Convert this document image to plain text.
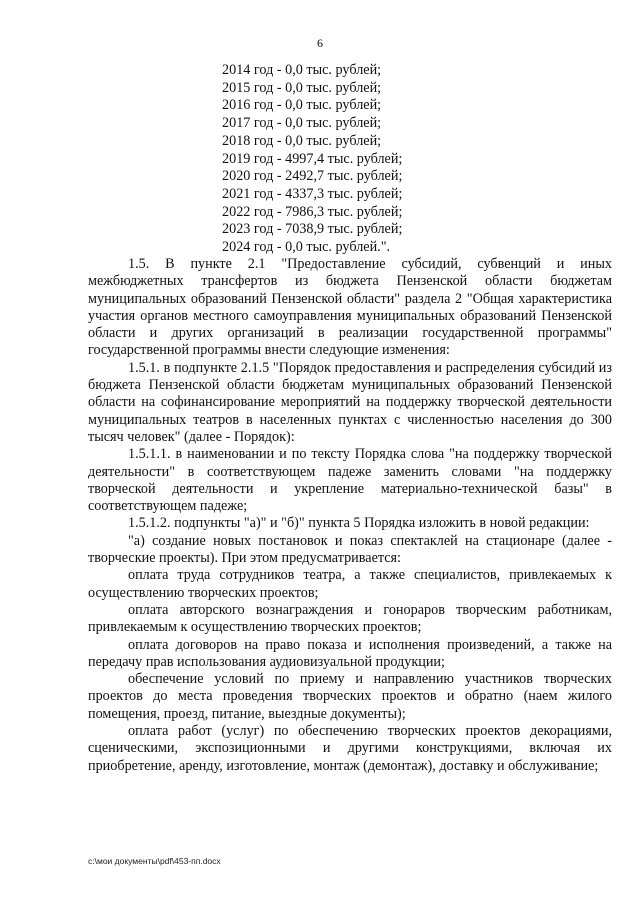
6
2014 год - 0,0 тыс. рублей;
2015 год - 0,0 тыс. рублей;
2016 год - 0,0 тыс. рублей;
2017 год - 0,0 тыс. рублей;
2018 год - 0,0 тыс. рублей;
2019 год - 4997,4 тыс. рублей;
2020 год - 2492,7 тыс. рублей;
2021 год - 4337,3 тыс. рублей;
2022 год - 7986,3 тыс. рублей;
2023 год - 7038,9 тыс. рублей;
2024 год - 0,0 тыс. рублей.".

1.5. В пункте 2.1 "Предоставление субсидий, субвенций и иных межбюджетных трансфертов из бюджета Пензенской области бюджетам муниципальных образований Пензенской области" раздела 2 "Общая характеристика участия органов местного самоуправления муниципальных образований Пензенской области и других организаций в реализации государственной программы" государственной программы внести следующие изменения:

1.5.1. в подпункте 2.1.5 "Порядок предоставления и распределения субсидий из бюджета Пензенской области бюджетам муниципальных образований Пензенской области на софинансирование мероприятий на поддержку творческой деятельности муниципальных театров в населенных пунктах с численностью населения до 300 тысяч человек" (далее - Порядок):

1.5.1.1. в наименовании и по тексту Порядка слова "на поддержку творческой деятельности" в соответствующем падеже заменить словами "на поддержку творческой деятельности и укрепление материально-технической базы" в соответствующем падеже;

1.5.1.2. подпункты "а)" и "б)" пункта 5 Порядка изложить в новой редакции:

"а) создание новых постановок и показ спектаклей на стационаре (далее - творческие проекты). При этом предусматривается:

оплата труда сотрудников театра, а также специалистов, привлекаемых к осуществлению творческих проектов;

оплата авторского вознаграждения и гонораров творческим работникам, привлекаемым к осуществлению творческих проектов;

оплата договоров на право показа и исполнения произведений, а также на передачу прав использования аудиовизуальной продукции;

обеспечение условий по приему и направлению участников творческих проектов до места проведения творческих проектов и обратно (наем жилого помещения, проезд, питание, выездные документы);

оплата работ (услуг) по обеспечению творческих проектов декорациями, сценическими, экспозиционными и другими конструкциями, включая их приобретение, аренду, изготовление, монтаж (демонтаж), доставку и обслуживание;

c:\мои документы\pdf\453-пп.docx
